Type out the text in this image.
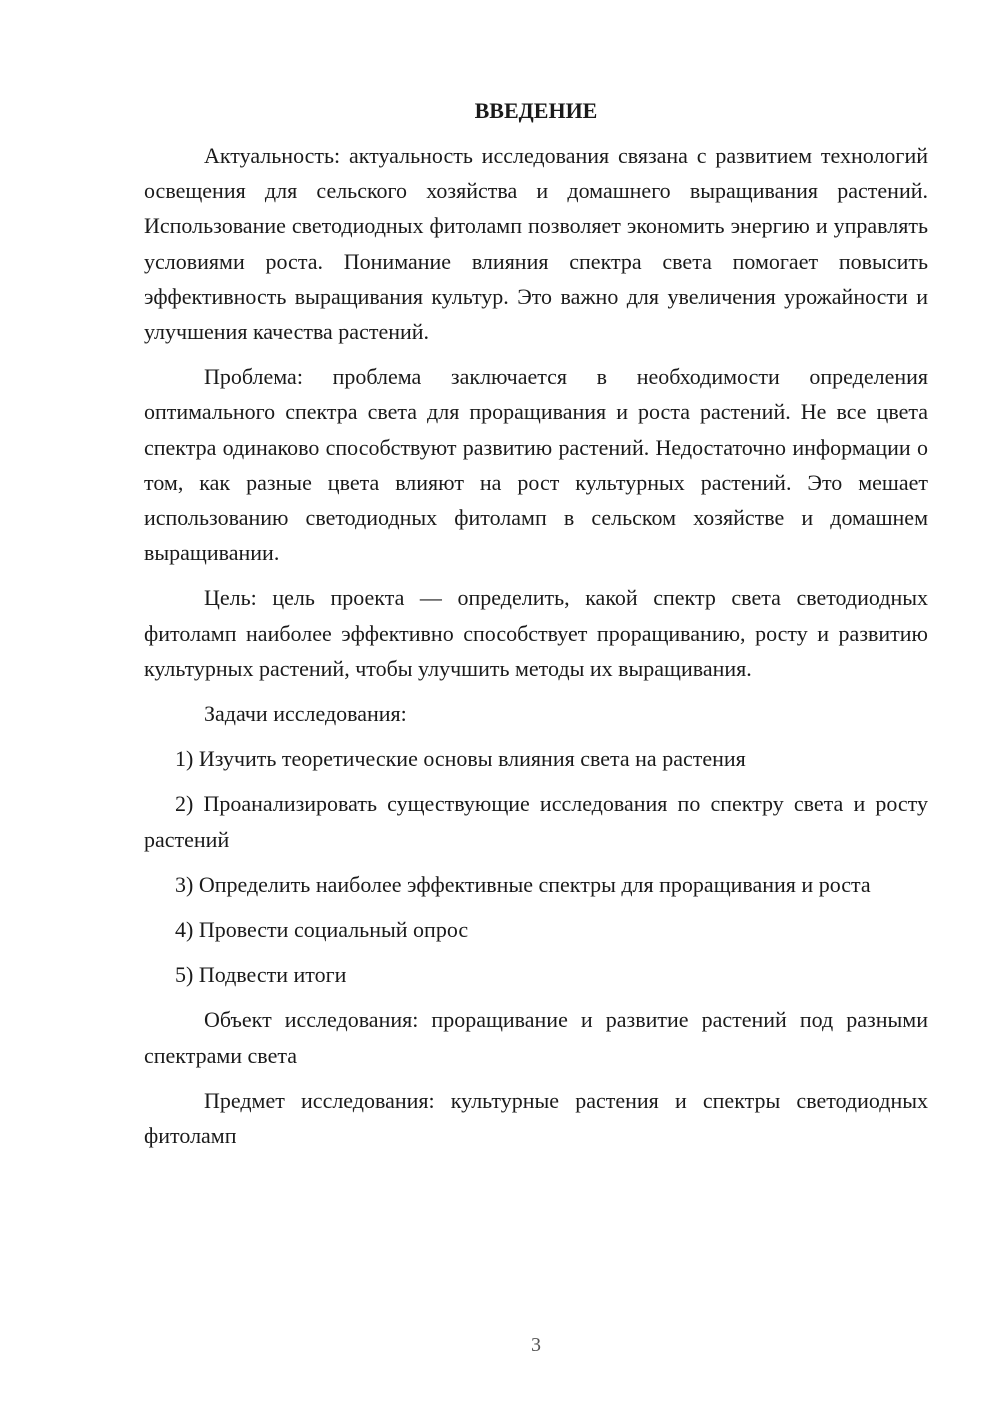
ВВЕДЕНИЕ

Актуальность: актуальность исследования связана с развитием технологий освещения для сельского хозяйства и домашнего выращивания растений. Использование светодиодных фитоламп позволяет экономить энергию и управлять условиями роста. Понимание влияния спектра света помогает повысить эффективность выращивания культур. Это важно для увеличения урожайности и улучшения качества растений.

Проблема: проблема заключается в необходимости определения оптимального спектра света для проращивания и роста растений. Не все цвета спектра одинаково способствуют развитию растений. Недостаточно информации о том, как разные цвета влияют на рост культурных растений. Это мешает использованию светодиодных фитоламп в сельском хозяйстве и домашнем выращивании.

Цель: цель проекта — определить, какой спектр света светодиодных фитоламп наиболее эффективно способствует проращиванию, росту и развитию культурных растений, чтобы улучшить методы их выращивания.

Задачи исследования:

1) Изучить теоретические основы влияния света на растения

2) Проанализировать существующие исследования по спектру света и росту растений

3) Определить наиболее эффективные спектры для проращивания и роста

4) Провести социальный опрос

5) Подвести итоги

Объект исследования: проращивание и развитие растений под разными спектрами света

Предмет исследования: культурные растения и спектры светодиодных фитоламп

3
